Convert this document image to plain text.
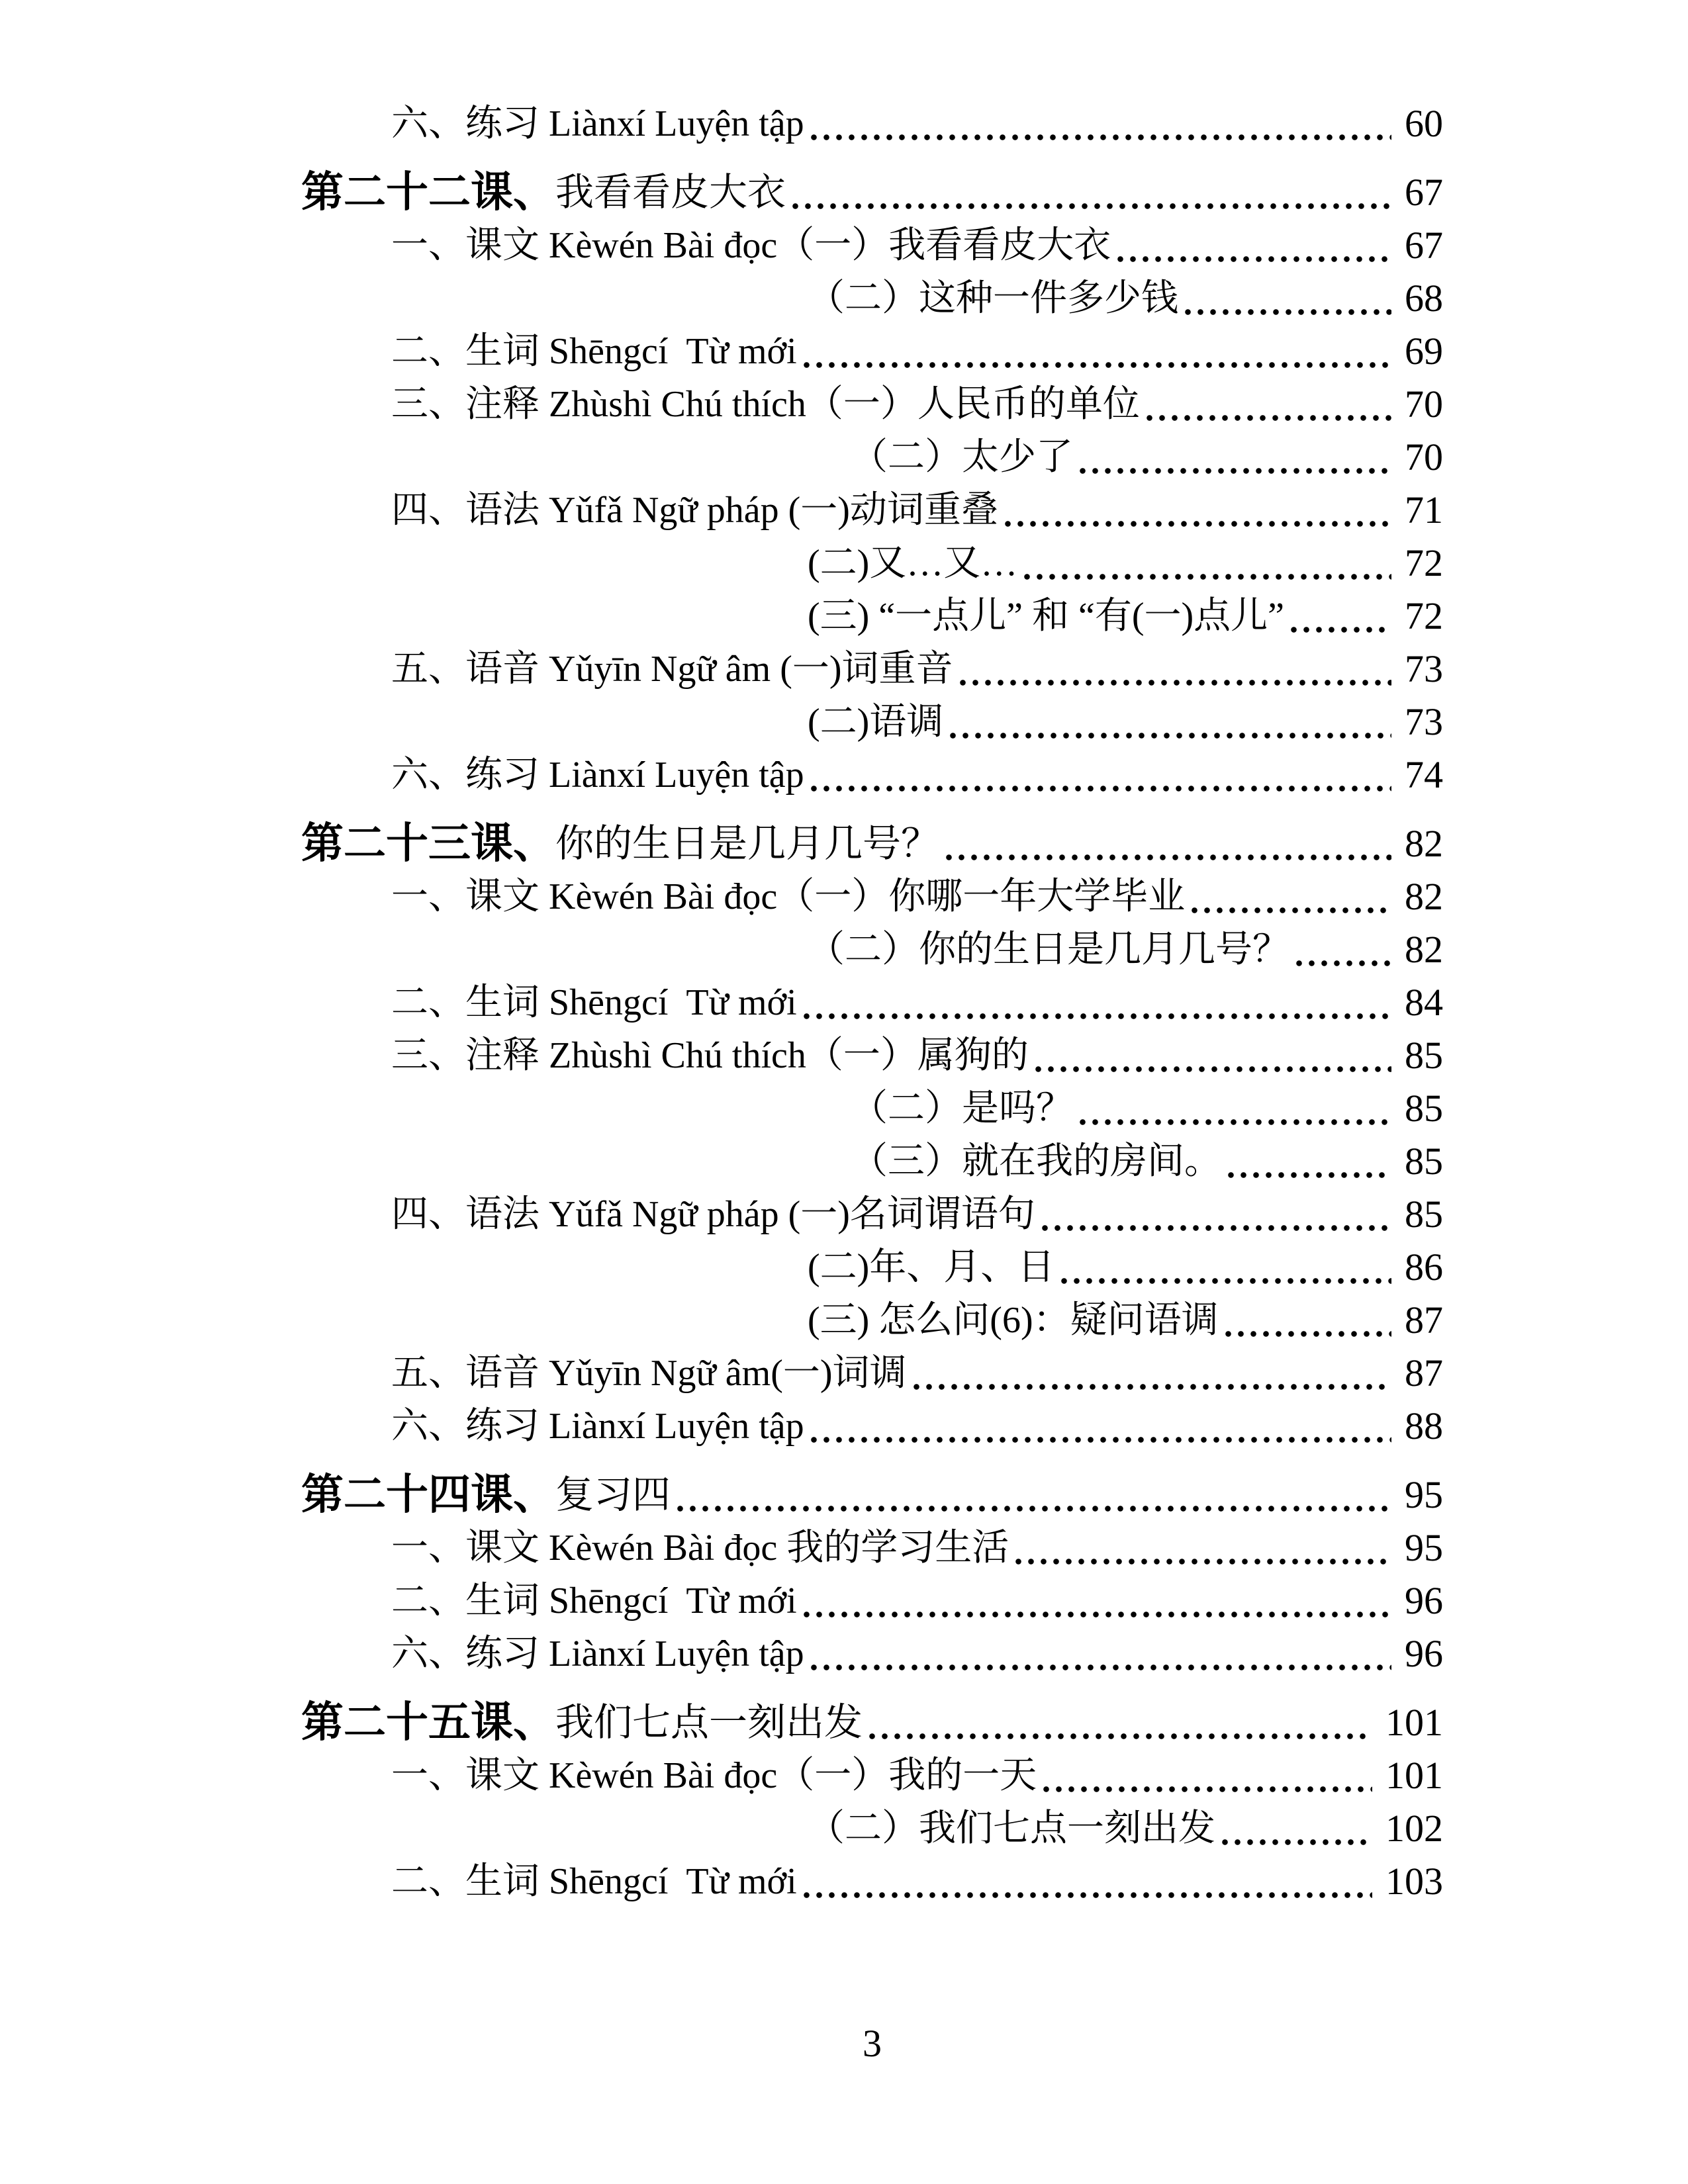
六、练习 Liànxí Luyện tập	60
第二十二课、 我看看皮大衣	67
一、课文 Kèwén Bài đọc（一）我看看皮大衣	67
（二）这种一件多少钱	68
二、生词 Shēngcí  Từ mới	69
三、注释 Zhùshì Chú thích（一）人民币的单位	70
（二）太少了	70
四、语法 Yǔfǎ Ngữ pháp (一)动词重叠	71
(二)又…又…	72
(三) “一点儿” 和 “有(一)点儿”	72
五、语音 Yǔyīn Ngữ âm (一)词重音	73
(二)语调	73
六、练习 Liànxí Luyện tập	74
第二十三课、 你的生日是几月几号？	82
一、课文 Kèwén Bài đọc（一）你哪一年大学毕业	82
（二）你的生日是几月几号？	82
二、生词 Shēngcí  Từ mới	84
三、注释 Zhùshì Chú thích（一）属狗的	85
（二）是吗？	85
（三）就在我的房间。	85
四、语法 Yǔfǎ Ngữ pháp (一)名词谓语句	85
(二)年、月、日	86
(三) 怎么问(6)：疑问语调	87
五、语音 Yǔyīn Ngữ âm(一)词调	87
六、练习 Liànxí Luyện tập	88
第二十四课、 复习四	95
一、课文 Kèwén Bài đọc 我的学习生活	95
二、生词 Shēngcí  Từ mới	96
六、练习 Liànxí Luyện tập	96
第二十五课、 我们七点一刻出发	101
一、课文 Kèwén Bài đọc（一）我的一天	101
（二）我们七点一刻出发	102
二、生词 Shēngcí  Từ mới	103
3
